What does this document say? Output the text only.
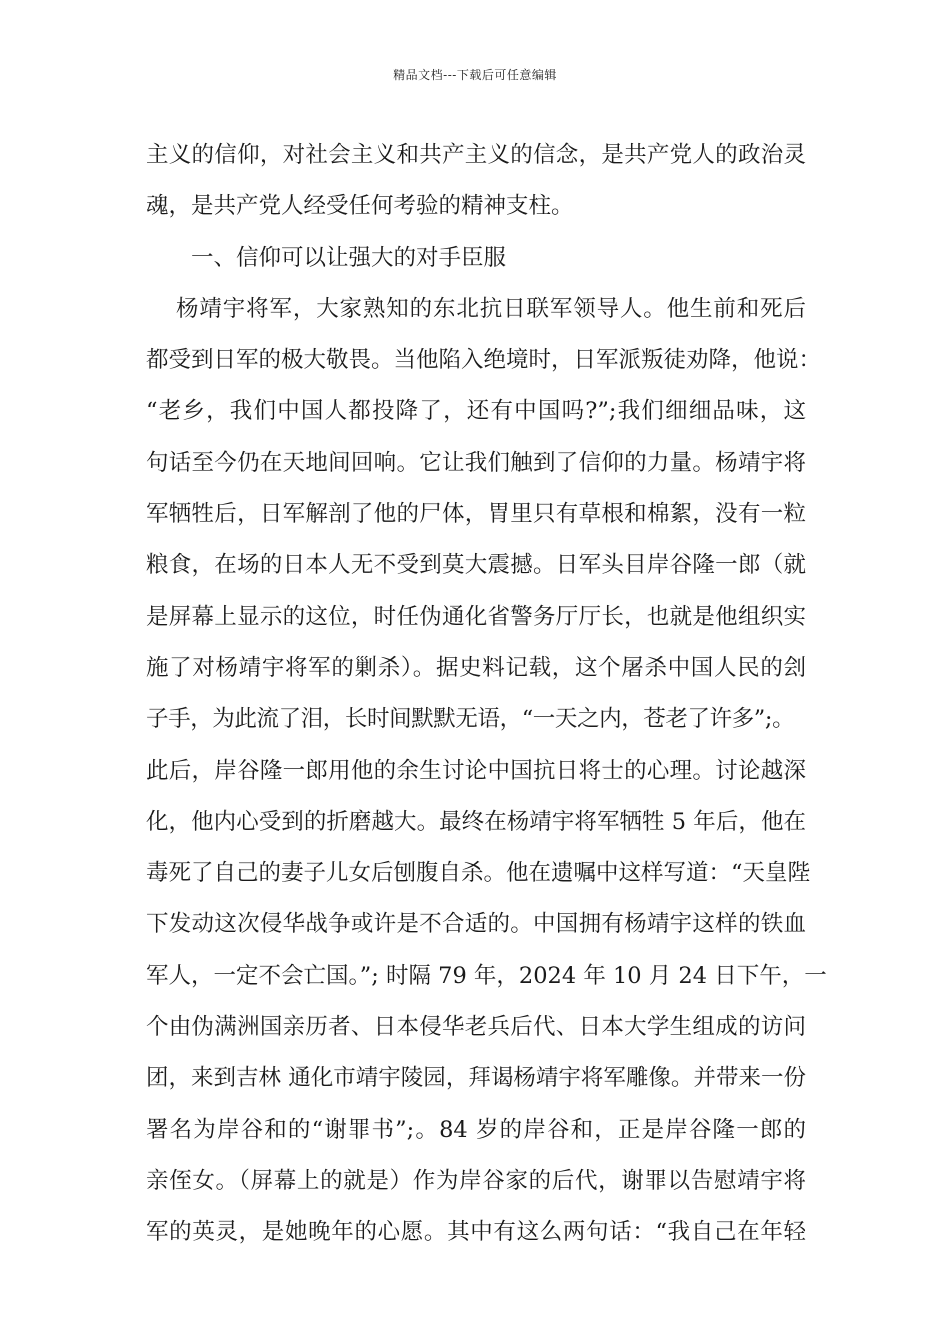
精品文档---下载后可任意编辑
主义的信仰，对社会主义和共产主义的信念，是共产党人的政治灵
魂，是共产党人经受任何考验的精神支柱。
一、信仰可以让强大的对手臣服
杨靖宇将军，大家熟知的东北抗日联军领导人。他生前和死后
都受到日军的极大敬畏。当他陷入绝境时，日军派叛徒劝降，他说：
“老乡，我们中国人都投降了，还有中国吗?”;我们细细品味，这
句话至今仍在天地间回响。它让我们触到了信仰的力量。杨靖宇将
军牺牲后，日军解剖了他的尸体，胃里只有草根和棉絮，没有一粒
粮食，在场的日本人无不受到莫大震撼。日军头目岸谷隆一郎（就
是屏幕上显示的这位，时任伪通化省警务厅厅长，也就是他组织实
施了对杨靖宇将军的剿杀）。据史料记载，这个屠杀中国人民的刽
子手，为此流了泪，长时间默默无语，“一天之内，苍老了许多”;。
此后，岸谷隆一郎用他的余生讨论中国抗日将士的心理。讨论越深
化，他内心受到的折磨越大。最终在杨靖宇将军牺牲 5 年后，他在
毒死了自己的妻子儿女后刨腹自杀。他在遗嘱中这样写道：“天皇陛
下发动这次侵华战争或许是不合适的。中国拥有杨靖宇这样的铁血
军人，一定不会亡国。”; 时隔 79 年，2024 年 10 月 24 日下午，一
个由伪满洲国亲历者、日本侵华老兵后代、日本大学生组成的访问
团，来到吉林 通化市靖宇陵园，拜谒杨靖宇将军雕像。并带来一份
署名为岸谷和的“谢罪书”;。84 岁的岸谷和，正是岸谷隆一郎的
亲侄女。（屏幕上的就是）作为岸谷家的后代，谢罪以告慰靖宇将
军的英灵，是她晚年的心愿。其中有这么两句话：“我自己在年轻
